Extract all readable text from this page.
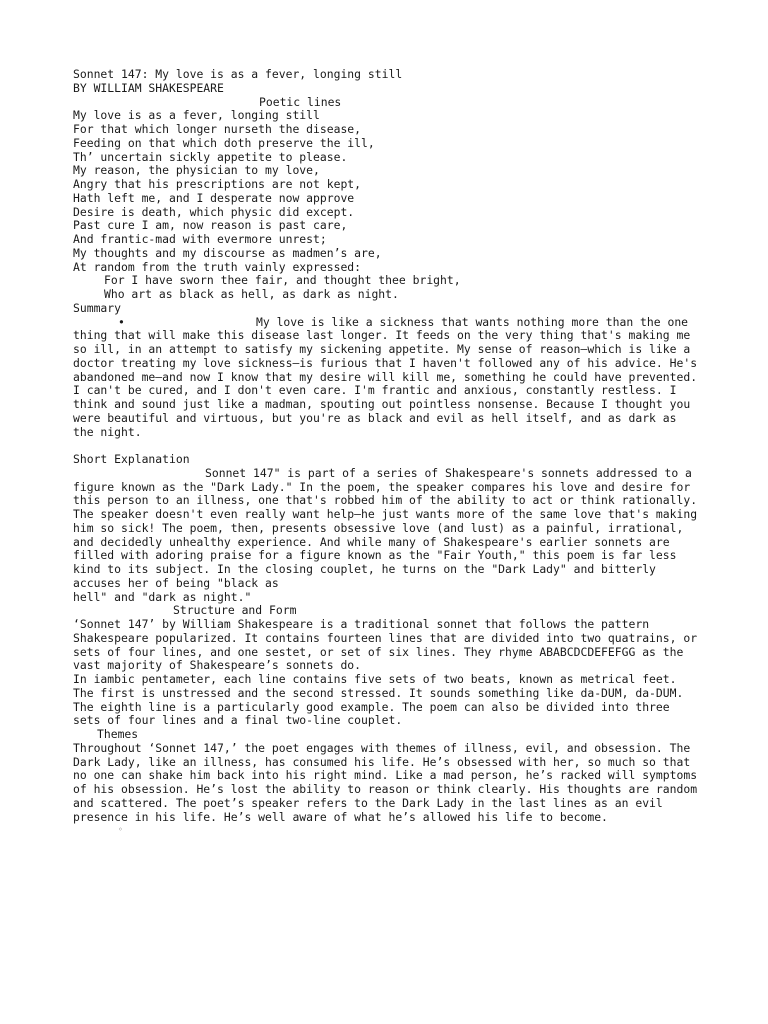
Sonnet 147: My love is as a fever, longing still
BY WILLIAM SHAKESPEARE
Poetic lines
My love is as a fever, longing still
For that which longer nurseth the disease,
Feeding on that which doth preserve the ill,
Th’ uncertain sickly appetite to please.
My reason, the physician to my love,
Angry that his prescriptions are not kept,
Hath left me, and I desperate now approve
Desire is death, which physic did except.
Past cure I am, now reason is past care,
And frantic-mad with evermore unrest;
My thoughts and my discourse as madmen’s are,
At random from the truth vainly expressed:
For I have sworn thee fair, and thought thee bright,
Who art as black as hell, as dark as night.
Summary
•	My love is like a sickness that wants nothing more than the one thing that will make this disease last longer. It feeds on the very thing that's making me so ill, in an attempt to satisfy my sickening appetite. My sense of reason—which is like a doctor treating my love sickness—is furious that I haven't followed any of his advice. He's abandoned me—and now I know that my desire will kill me, something he could have prevented. I can't be cured, and I don't even care. I'm frantic and anxious, constantly restless. I think and sound just like a madman, spouting out pointless nonsense. Because I thought you were beautiful and virtuous, but you're as black and evil as hell itself, and as dark as the night.
Short Explanation
Sonnet 147" is part of a series of Shakespeare's sonnets addressed to a figure known as the "Dark Lady." In the poem, the speaker compares his love and desire for this person to an illness, one that's robbed him of the ability to act or think rationally. The speaker doesn't even really want help—he just wants more of the same love that's making him so sick! The poem, then, presents obsessive love (and lust) as a painful, irrational, and decidedly unhealthy experience. And while many of Shakespeare's earlier sonnets are filled with adoring praise for a figure known as the "Fair Youth," this poem is far less kind to its subject. In the closing couplet, he turns on the "Dark Lady" and bitterly accuses her of being "black as
hell" and "dark as night."
Structure and Form
‘Sonnet 147’ by William Shakespeare is a traditional sonnet that follows the pattern Shakespeare popularized. It contains fourteen lines that are divided into two quatrains, or sets of four lines, and one sestet, or set of six lines. They rhyme ABABCDCDEFEFGG as the vast majority of Shakespeare’s sonnets do.
In iambic pentameter, each line contains five sets of two beats, known as metrical feet. The first is unstressed and the second stressed. It sounds something like da-DUM, da-DUM. The eighth line is a particularly good example. The poem can also be divided into three sets of four lines and a final two-line couplet.
Themes
Throughout ‘Sonnet 147,’ the poet engages with themes of illness, evil, and obsession. The Dark Lady, like an illness, has consumed his life. He’s obsessed with her, so much so that no one can shake him back into his right mind. Like a mad person, he’s racked will symptoms of his obsession. He’s lost the ability to reason or think clearly. His thoughts are random and scattered. The poet’s speaker refers to the Dark Lady in the last lines as an evil presence in his life. He’s well aware of what he’s allowed his life to become.
◦
